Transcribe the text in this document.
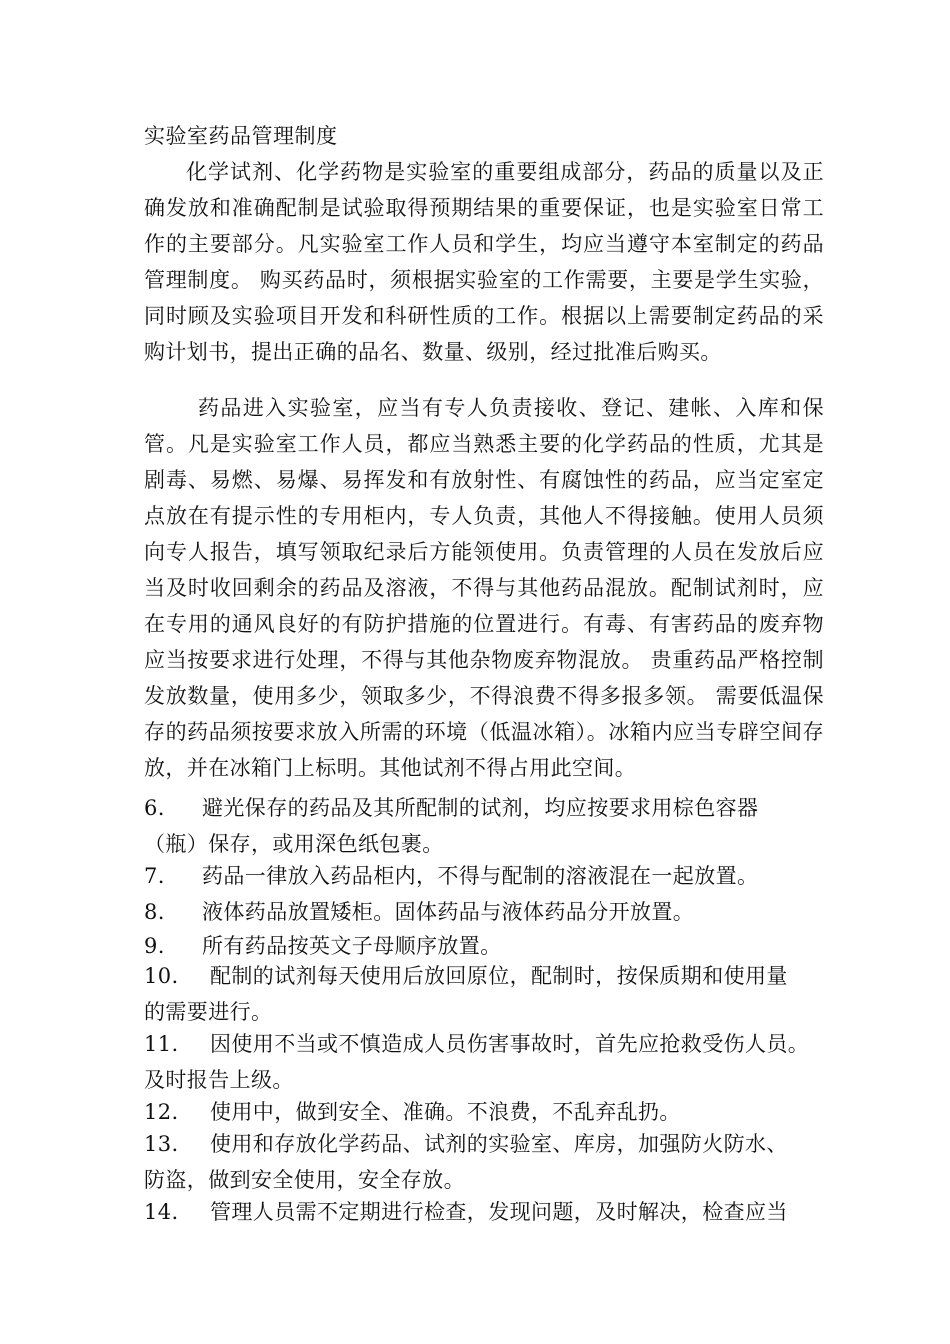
实验室药品管理制度
化学试剂、化学药物是实验室的重要组成部分，药品的质量以及正确发放和准确配制是试验取得预期结果的重要保证，也是实验室日常工作的主要部分。凡实验室工作人员和学生，均应当遵守本室制定的药品管理制度。 购买药品时，须根据实验室的工作需要，主要是学生实验，同时顾及实验项目开发和科研性质的工作。根据以上需要制定药品的采购计划书，提出正确的品名、数量、级别，经过批准后购买。
药品进入实验室，应当有专人负责接收、登记、建帐、入库和保管。凡是实验室工作人员，都应当熟悉主要的化学药品的性质，尤其是剧毒、易燃、易爆、易挥发和有放射性、有腐蚀性的药品，应当定室定点放在有提示性的专用柜内，专人负责，其他人不得接触。使用人员须向专人报告，填写领取纪录后方能领使用。负责管理的人员在发放后应当及时收回剩余的药品及溶液，不得与其他药品混放。配制试剂时，应在专用的通风良好的有防护措施的位置进行。有毒、有害药品的废弃物应当按要求进行处理，不得与其他杂物废弃物混放。 贵重药品严格控制发放数量，使用多少，领取多少，不得浪费不得多报多领。 需要低温保存的药品须按要求放入所需的环境（低温冰箱）。冰箱内应当专辟空间存放，并在冰箱门上标明。其他试剂不得占用此空间。
6. 避光保存的药品及其所配制的试剂，均应按要求用棕色容器
（瓶）保存，或用深色纸包裹。
7. 药品一律放入药品柜内，不得与配制的溶液混在一起放置。
8. 液体药品放置矮柜。固体药品与液体药品分开放置。
9. 所有药品按英文子母顺序放置。
10. 配制的试剂每天使用后放回原位，配制时，按保质期和使用量
的需要进行。
11. 因使用不当或不慎造成人员伤害事故时，首先应抢救受伤人员。
及时报告上级。
12. 使用中，做到安全、准确。不浪费，不乱弃乱扔。
13. 使用和存放化学药品、试剂的实验室、库房，加强防火防水、
防盗，做到安全使用，安全存放。
14. 管理人员需不定期进行检查，发现问题，及时解决，检查应当
